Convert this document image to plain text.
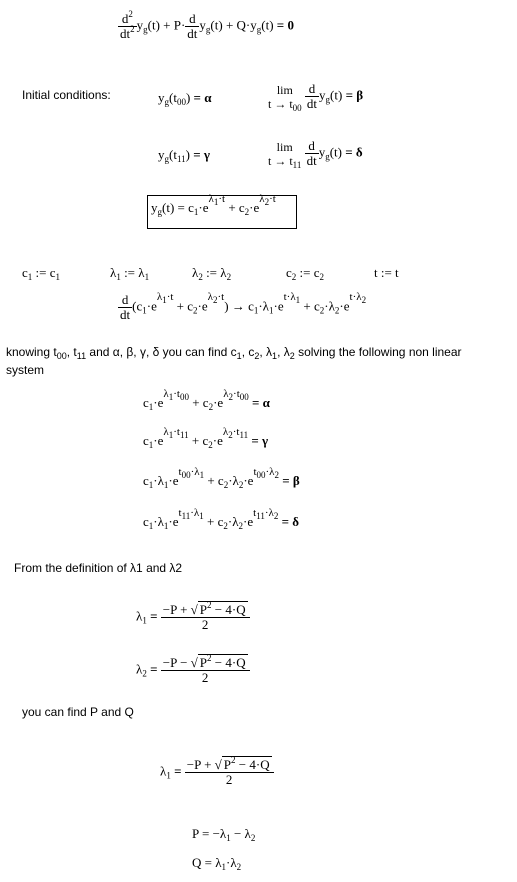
$\frac{d^2}{dt^2} y_g(t) + P\cdot \frac{d}{dt} y_g(t) + Q\cdot y_g(t) = 0$
Initial conditions:	$y_g(t_{00}) = \alpha$
lim
$t \to t_{00} \frac{d}{dt} y_g(t) = \beta$
$y_g(t_{11}) = \gamma$
lim
$t \to t_{11} \frac{d}{dt} y_g(t) = \delta$
$y_g(t) = c_1\cdot e^{\lambda_1\cdot t} + c_2\cdot e^{\lambda_2\cdot t}$
$c_1$ := $c_1$	$\lambda_1$ := $\lambda_1$	$\lambda_2$ := $\lambda_2$	$c_2$ := $c_2$	t := t
$\frac{d}{dt} (c_1\cdot e^{\lambda_1\cdot t} + c_2\cdot e^{\lambda_2\cdot t}) \to c_1\cdot\lambda_1\cdot e^{t\cdot\lambda_1} + c_2\cdot\lambda_2\cdot e^{t\cdot\lambda_2}$
knowing $t_{00}$, $t_{11}$ and α, β, γ, δ you can find $c_1$, $c_2$, $\lambda_1$, $\lambda_2$ solving the following non linear
system
$c_1\cdot e^{\lambda_1\cdot t_{00}} + c_2\cdot e^{\lambda_2\cdot t_{00}} = \alpha$
$c_1\cdot e^{\lambda_1\cdot t_{11}} + c_2\cdot e^{\lambda_2\cdot t_{11}} = \gamma$
$c_1\cdot\lambda_1\cdot e^{t_{00}\cdot\lambda_1} + c_2\cdot\lambda_2\cdot e^{t_{00}\cdot\lambda_2} = \beta$
$c_1\cdot\lambda_1\cdot e^{t_{11}\cdot\lambda_1} + c_2\cdot\lambda_2\cdot e^{t_{11}\cdot\lambda_2} = \delta$
From the definition of λ1 and λ2
$\lambda_1 = \frac{-P + √ P^2 - 4\cdot Q}{2}$
$\lambda_2 = \frac{-P - √ P^2 - 4\cdot Q}{2}$
you can find P and Q
$\lambda_1 = \frac{-P + √ P^2 - 4\cdot Q}{2}$
$P = -\lambda_1 - \lambda_2$
$Q = \lambda_1\cdot\lambda_2$
